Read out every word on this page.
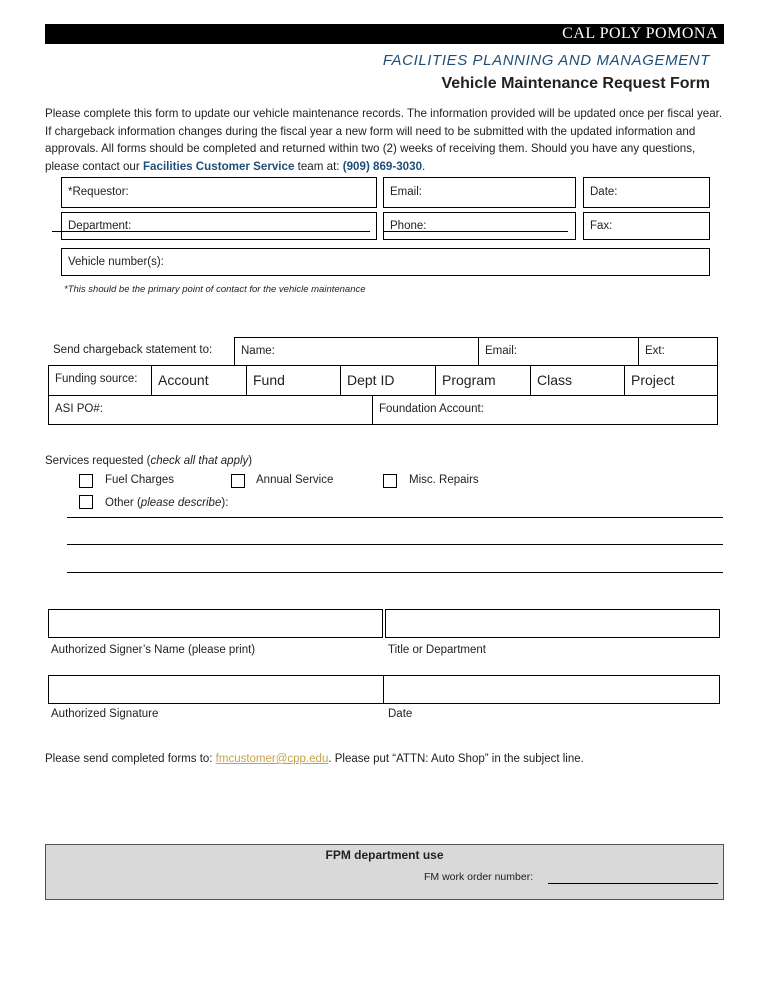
CAL POLY POMONA
FACILITIES PLANNING AND MANAGEMENT
Vehicle Maintenance Request Form
Please complete this form to update our vehicle maintenance records. The information provided will be updated once per fiscal year. If chargeback information changes during the fiscal year a new form will need to be submitted with the updated information and approvals. All forms should be completed and returned within two (2) weeks of receiving them. Should you have any questions, please contact our Facilities Customer Service team at: (909) 869-3030.
*Requestor:	Email:	Date:
Department:	Phone:	Fax:
Vehicle number(s):
*This should be the primary point of contact for the vehicle maintenance
Send chargeback statement to:	Name:	Email:	Ext:
Funding source: Account	Fund	Dept ID	Program	Class	Project
ASI PO#:	Foundation Account:
Services requested (check all that apply)
Fuel Charges	Annual Service	Misc. Repairs
Other (please describe):
Authorized Signer’s Name (please print)	Title or Department
Authorized Signature	Date
Please send completed forms to: fmcustomer@cpp.edu. Please put “ATTN: Auto Shop” in the subject line.
FPM department use
FM work order number:
